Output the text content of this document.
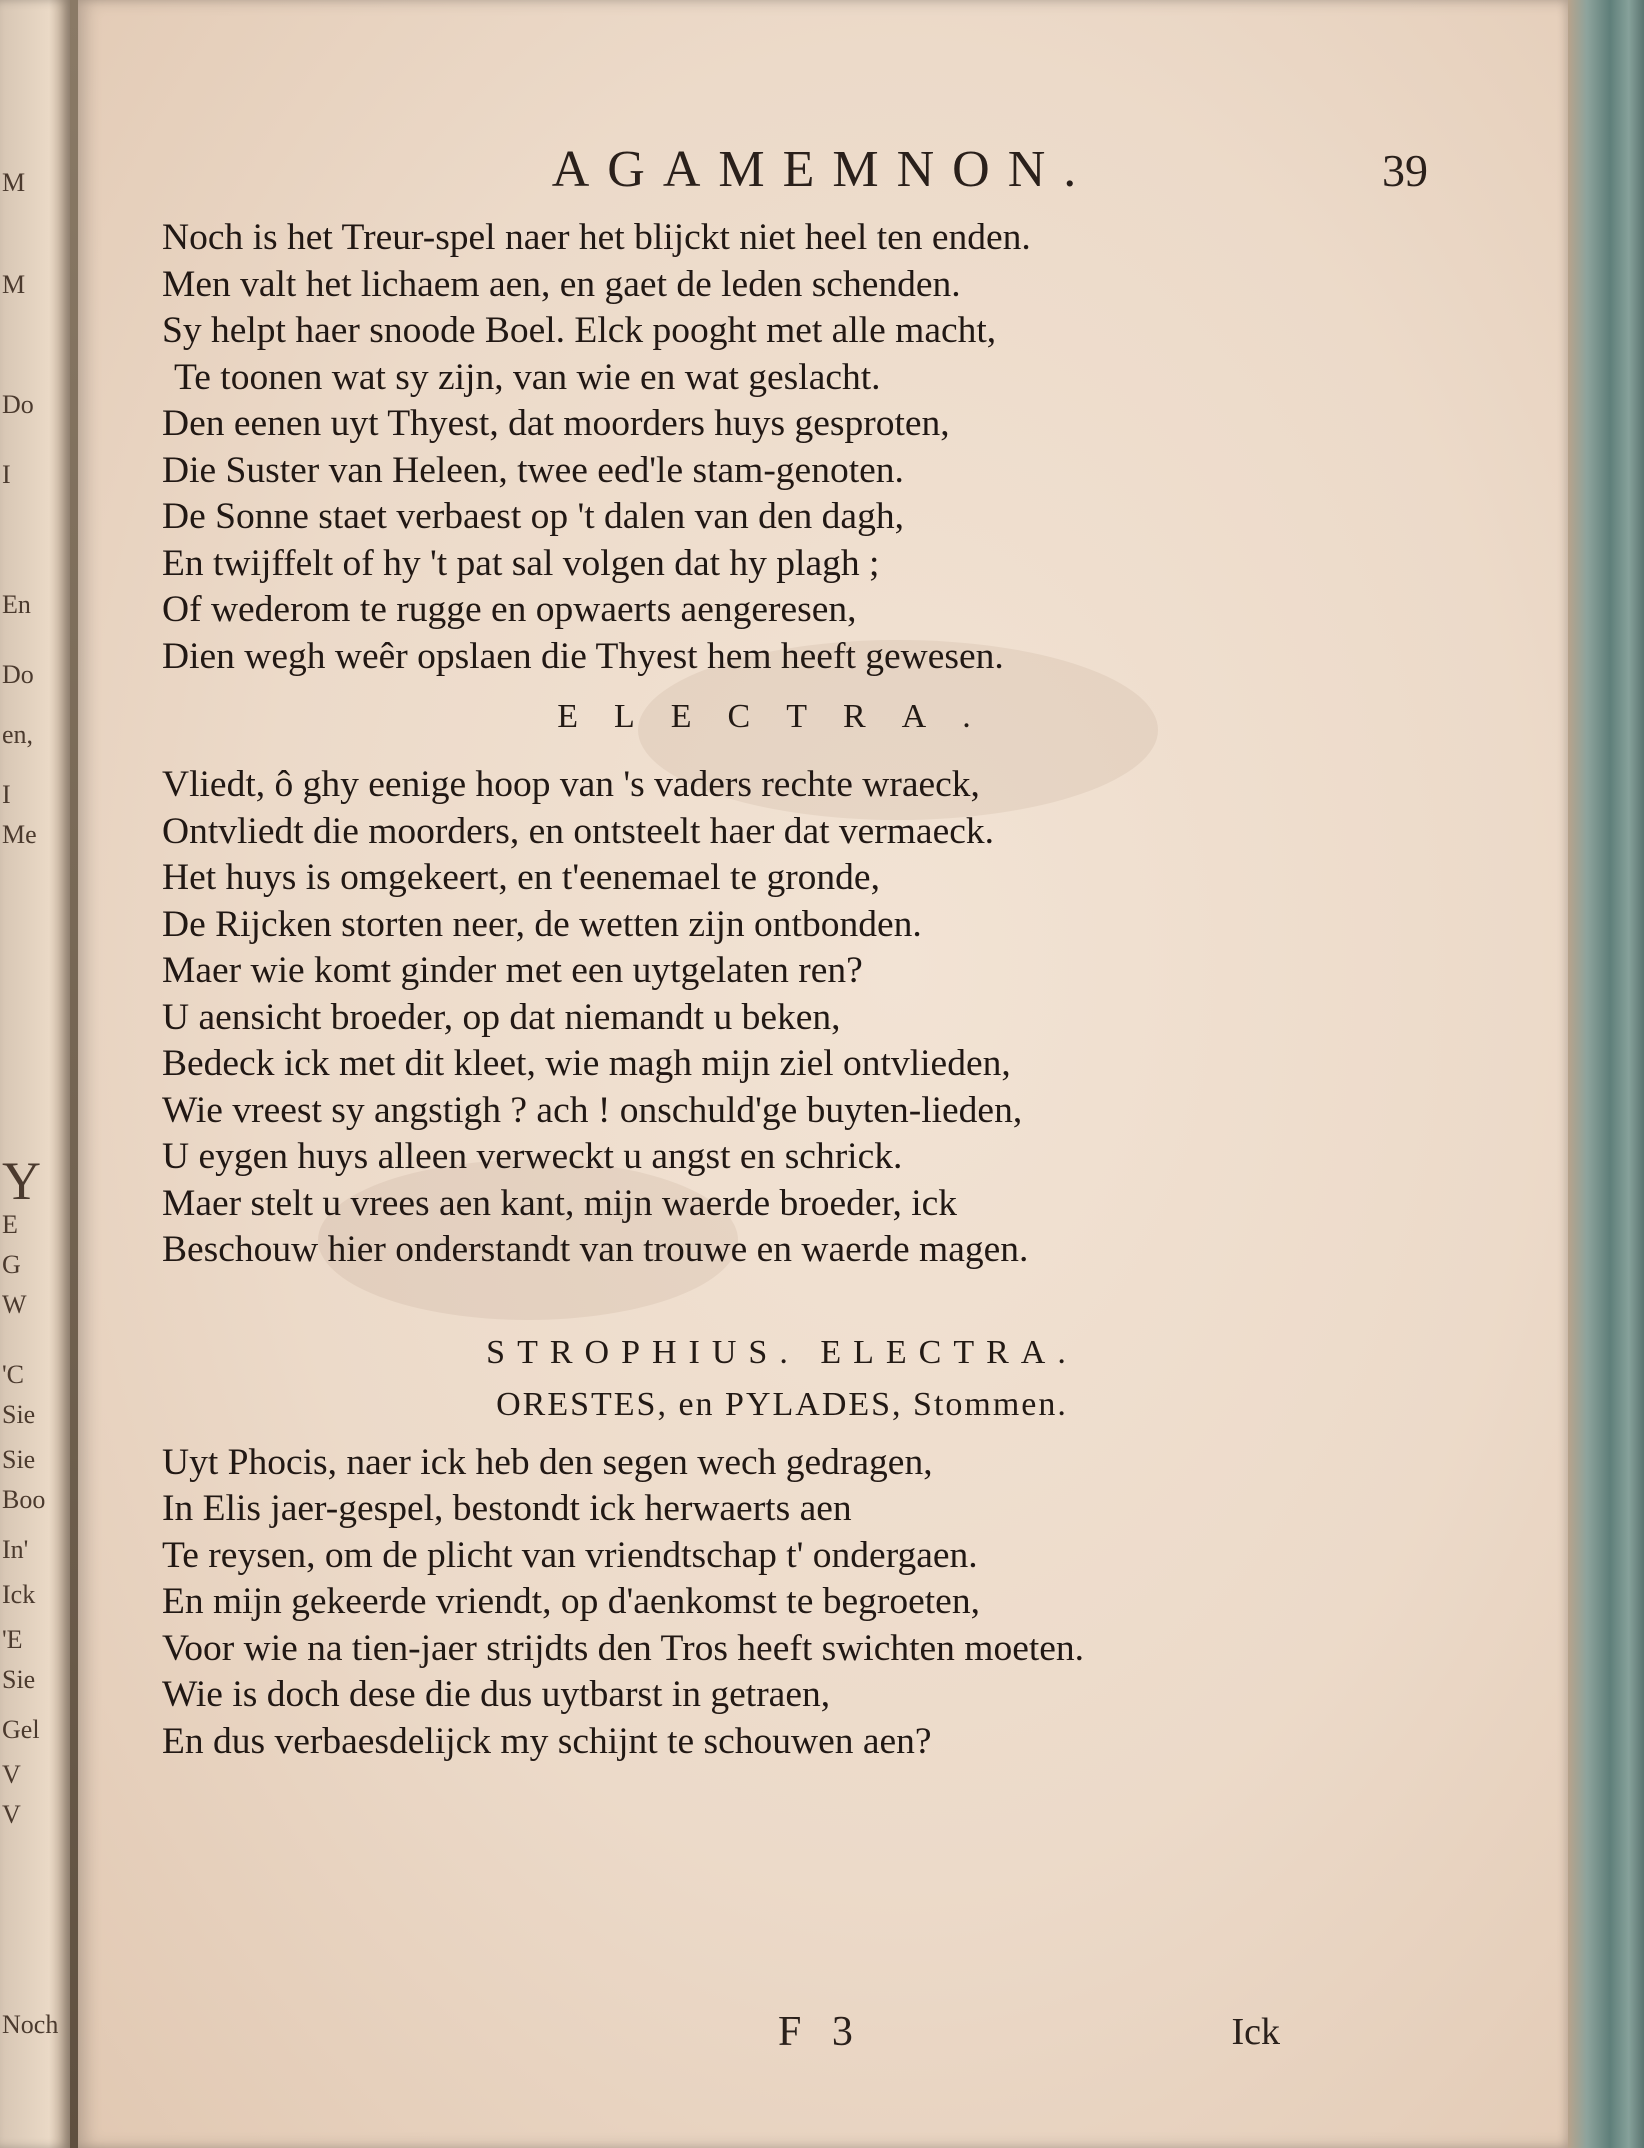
M
M
Do
I
En
Do
en,
I
Me
Y
E
G
W
'C
Sie
Sie
Boo
In'
Ick
'E
Sie
Gel
V
V
Noch
AGAMEMNON.	39

Noch is het Treur-spel naer het blijckt niet heel ten enden.

Men valt het lichaem aen, en gaet de leden schenden.

Sy helpt haer snoode Boel. Elck pooght met alle macht,

Te toonen wat sy zijn, van wie en wat geslacht.

Den eenen uyt Thyest, dat moorders huys gesproten,

Die Suster van Heleen, twee eed'le stam-genoten.

De Sonne staet verbaest op 't dalen van den dagh,

En twijffelt of hy 't pat sal volgen dat hy plagh ;

Of wederom te rugge en opwaerts aengeresen,

Dien wegh weêr opslaen die Thyest hem heeft gewesen.

ELECTRA.

Vliedt, ô ghy eenige hoop van 's vaders rechte wraeck,

Ontvliedt die moorders, en ontsteelt haer dat vermaeck.

Het huys is omgekeert, en t'eenemael te gronde,

De Rijcken storten neer, de wetten zijn ontbonden.

Maer wie komt ginder met een uytgelaten ren?

U aensicht broeder, op dat niemandt u beken,

Bedeck ick met dit kleet, wie magh mijn ziel ontvlieden,

Wie vreest sy angstigh ? ach ! onschuld'ge buyten-lieden,

U eygen huys alleen verweckt u angst en schrick.

Maer stelt u vrees aen kant, mijn waerde broeder, ick

Beschouw hier onderstandt van trouwe en waerde magen.

STROPHIUS. ELECTRA.
ORESTES, en PYLADES, Stommen.

Uyt Phocis, naer ick heb den segen wech gedragen,

In Elis jaer-gespel, bestondt ick herwaerts aen

Te reysen, om de plicht van vriendtschap t' ondergaen.

En mijn gekeerde vriendt, op d'aenkomst te begroeten,

Voor wie na tien-jaer strijdts den Tros heeft swichten moeten.

Wie is doch dese die dus uytbarst in getraen,

En dus verbaesdelijck my schijnt te schouwen aen?

F 3	Ick
